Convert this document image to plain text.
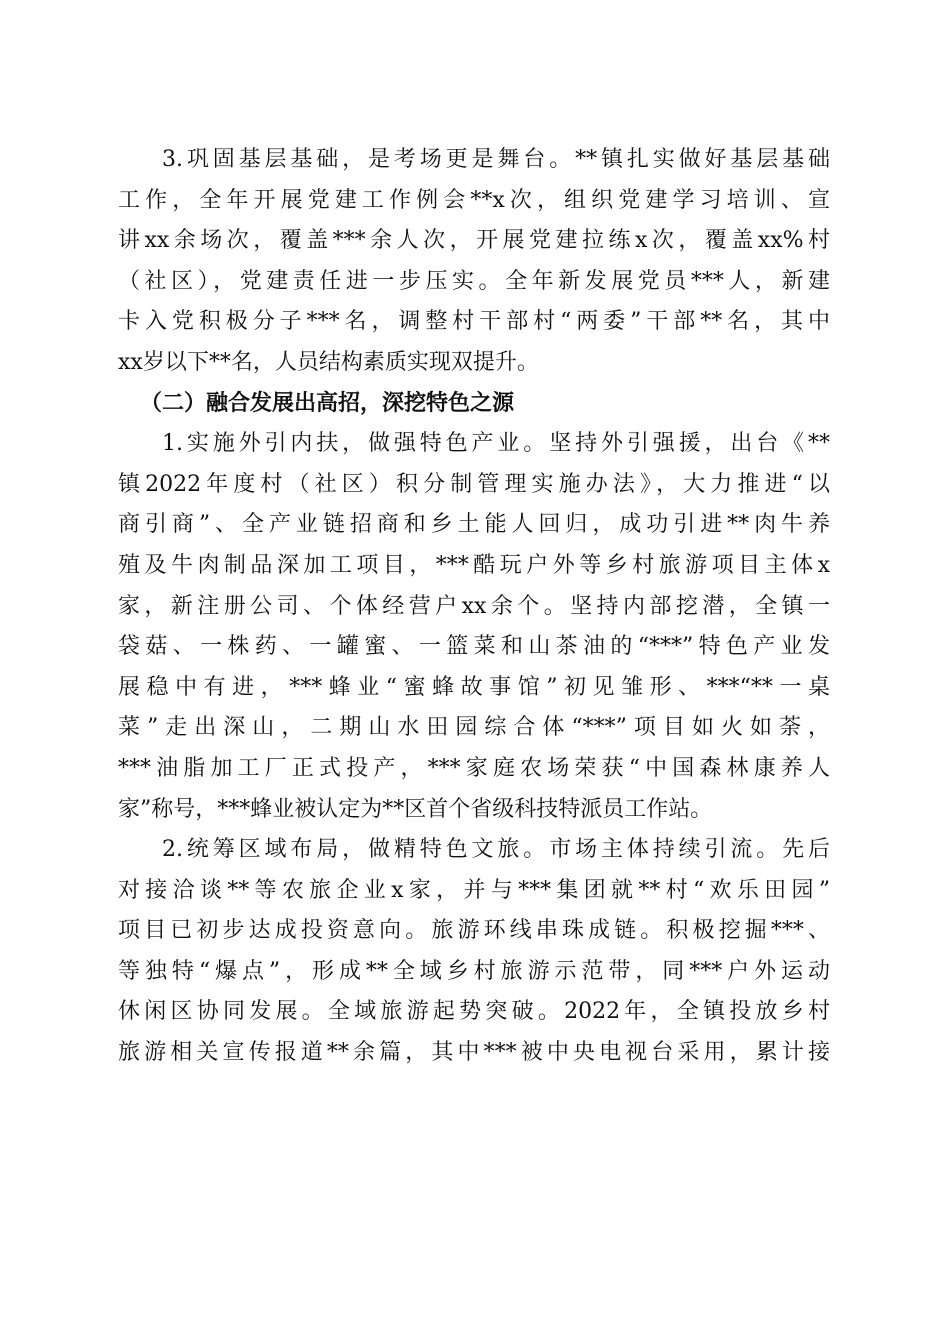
3.巩固基层基础，是考场更是舞台。**镇扎实做好基层基础
工作，全年开展党建工作例会**x次，组织党建学习培训、宣
讲xx余场次，覆盖***余人次，开展党建拉练x次，覆盖xx%村
（社区），党建责任进一步压实。全年新发展党员***人，新建
卡入党积极分子***名，调整村干部村“两委”干部**名，其中
xx岁以下**名，人员结构素质实现双提升。
（二）融合发展出高招，深挖特色之源
1.实施外引内扶，做强特色产业。坚持外引强援，出台《**
镇2022年度村（社区）积分制管理实施办法》，大力推进“以
商引商”、全产业链招商和乡土能人回归，成功引进**肉牛养
殖及牛肉制品深加工项目，***酷玩户外等乡村旅游项目主体x
家，新注册公司、个体经营户xx余个。坚持内部挖潜，全镇一
袋菇、一株药、一罐蜜、一篮菜和山茶油的“***”特色产业发
展稳中有进，***蜂业“蜜蜂故事馆”初见雏形、***“**一桌
菜”走出深山，二期山水田园综合体“***”项目如火如荼，
***油脂加工厂正式投产，***家庭农场荣获“中国森林康养人
家”称号，***蜂业被认定为**区首个省级科技特派员工作站。
2.统筹区域布局，做精特色文旅。市场主体持续引流。先后
对接洽谈**等农旅企业x家，并与***集团就**村“欢乐田园”
项目已初步达成投资意向。旅游环线串珠成链。积极挖掘***、
等独特“爆点”，形成**全域乡村旅游示范带，同***户外运动
休闲区协同发展。全域旅游起势突破。2022年，全镇投放乡村
旅游相关宣传报道**余篇，其中***被中央电视台采用，累计接
